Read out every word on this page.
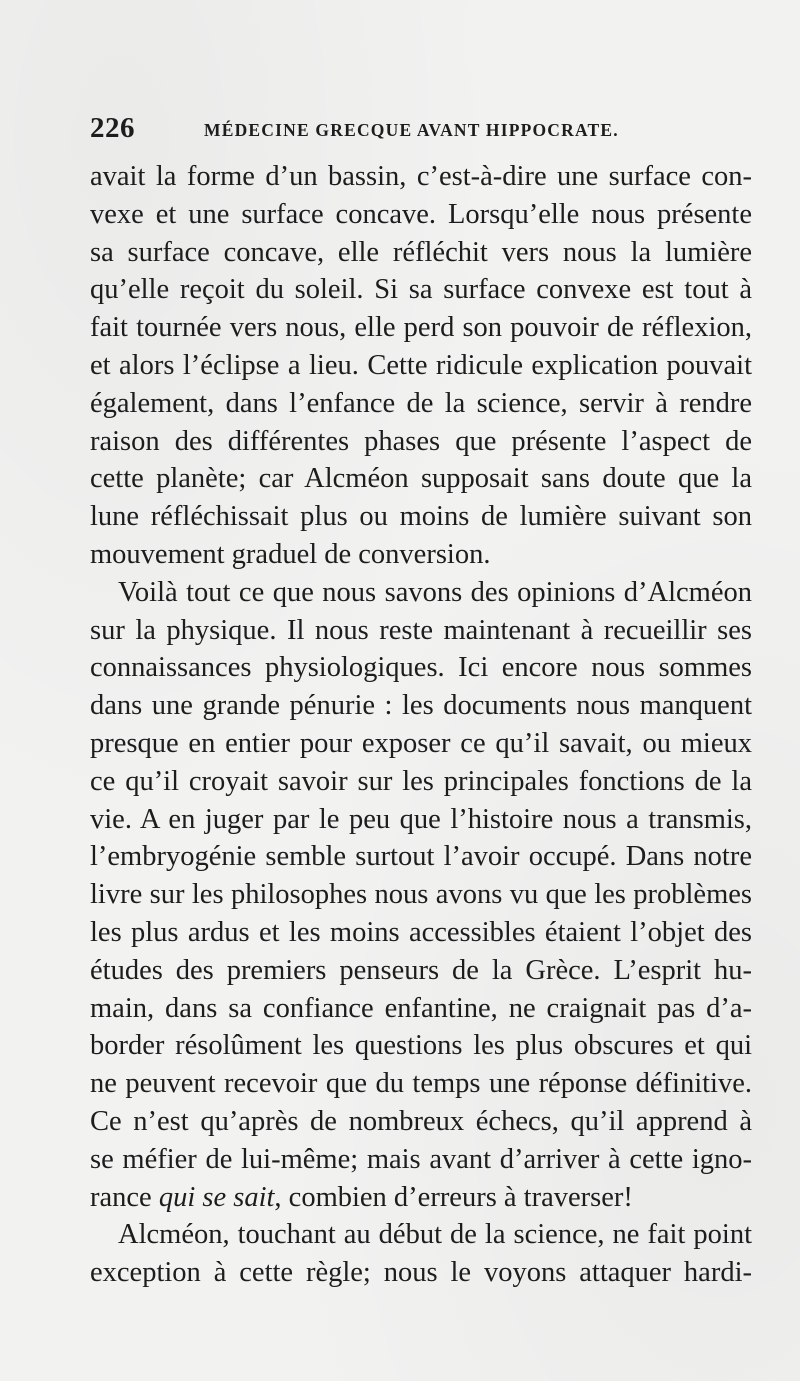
226	MÉDECINE GRECQUE AVANT HIPPOCRATE.
avait la forme d’un bassin, c’est-à-dire une surface con-
vexe et une surface concave. Lorsqu’elle nous présente
sa surface concave, elle réfléchit vers nous la lumière
qu’elle reçoit du soleil. Si sa surface convexe est tout à
fait tournée vers nous, elle perd son pouvoir de réflexion,
et alors l’éclipse a lieu. Cette ridicule explication pouvait
également, dans l’enfance de la science, servir à rendre
raison des différentes phases que présente l’aspect de
cette planète; car Alcméon supposait sans doute que la
lune réfléchissait plus ou moins de lumière suivant son
mouvement graduel de conversion.
Voilà tout ce que nous savons des opinions d’Alcméon
sur la physique. Il nous reste maintenant à recueillir ses
connaissances physiologiques. Ici encore nous sommes
dans une grande pénurie : les documents nous manquent
presque en entier pour exposer ce qu’il savait, ou mieux
ce qu’il croyait savoir sur les principales fonctions de la
vie. A en juger par le peu que l’histoire nous a transmis,
l’embryogénie semble surtout l’avoir occupé. Dans notre
livre sur les philosophes nous avons vu que les problèmes
les plus ardus et les moins accessibles étaient l’objet des
études des premiers penseurs de la Grèce. L’esprit hu-
main, dans sa confiance enfantine, ne craignait pas d’a-
border résolûment les questions les plus obscures et qui
ne peuvent recevoir que du temps une réponse définitive.
Ce n’est qu’après de nombreux échecs, qu’il apprend à
se méfier de lui-même; mais avant d’arriver à cette igno-
rance qui se sait, combien d’erreurs à traverser!
Alcméon, touchant au début de la science, ne fait point
exception à cette règle; nous le voyons attaquer hardi-
